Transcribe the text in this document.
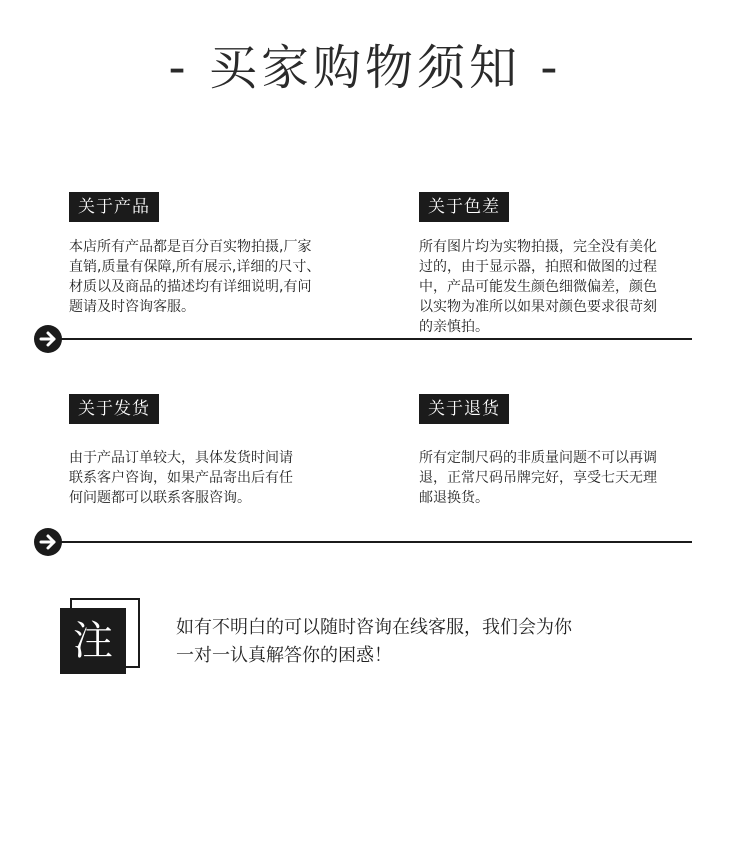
- 买家购物须知 -
关于产品
本店所有产品都是百分百实物拍摄,厂家
直销,质量有保障,所有展示,详细的尺寸、
材质以及商品的描述均有详细说明,有问
题请及时咨询客服。
关于色差
所有图片均为实物拍摄，完全没有美化
过的，由于显示器，拍照和做图的过程
中，产品可能发生颜色细微偏差，颜色
以实物为准所以如果对颜色要求很苛刻
的亲慎拍。
关于发货
由于产品订单较大，具体发货时间请
联系客户咨询，如果产品寄出后有任
何问题都可以联系客服咨询。
关于退货
所有定制尺码的非质量问题不可以再调
退，正常尺码吊牌完好，享受七天无理
邮退换货。
注	如有不明白的可以随时咨询在线客服，我们会为你
一对一认真解答你的困惑！
